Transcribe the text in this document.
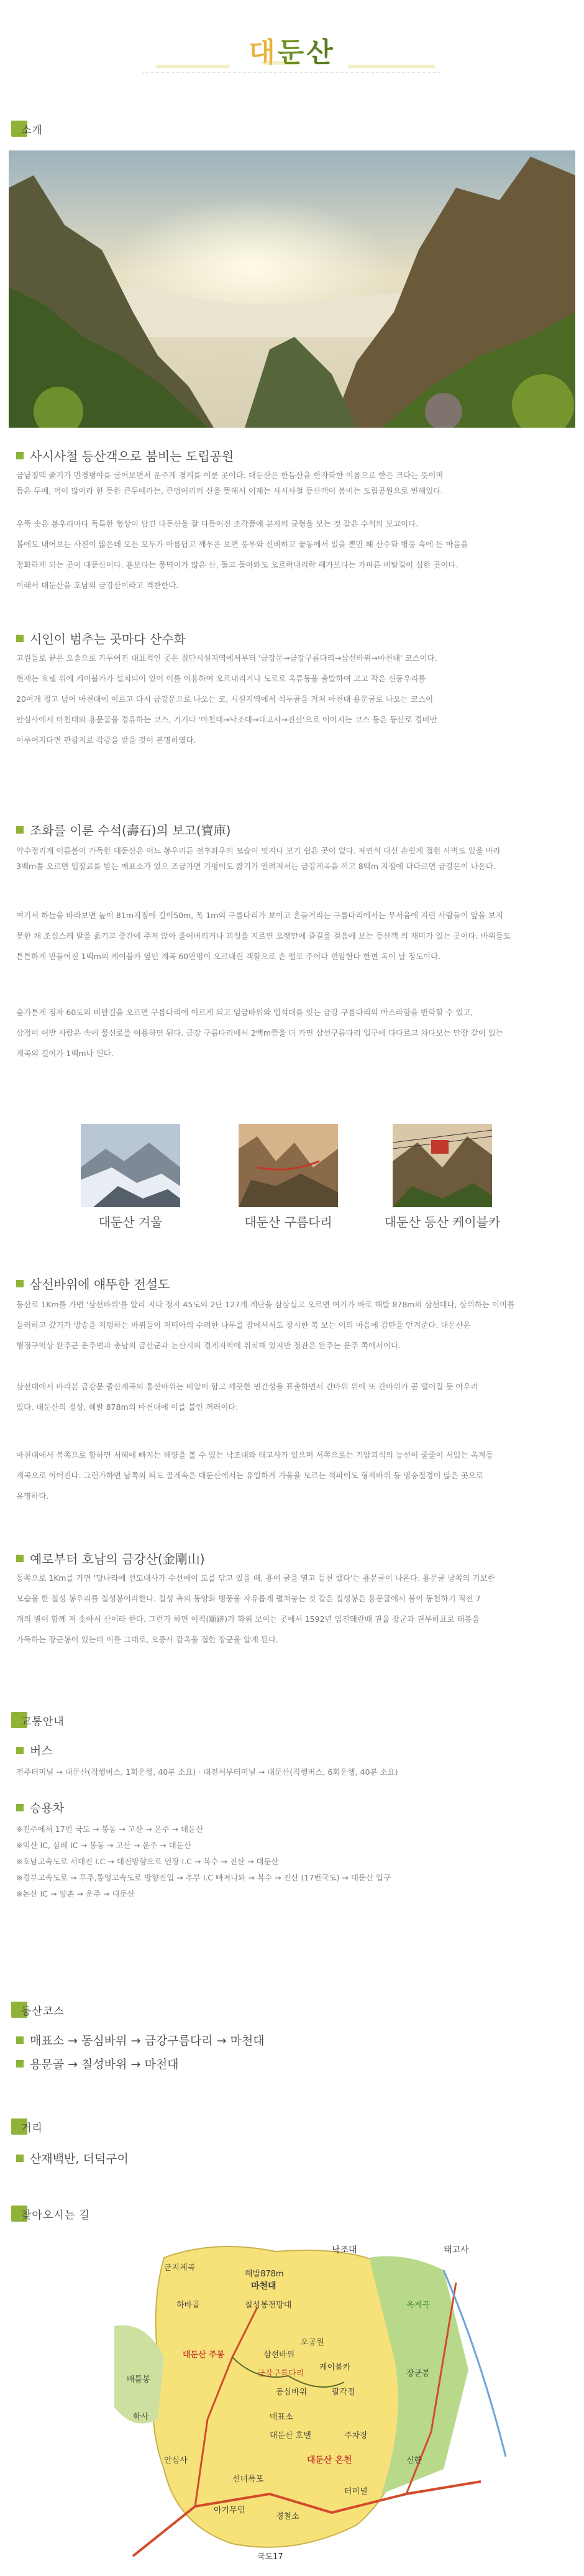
대둔산
소개
사시사철 등산객으로 붐비는 도립공원

금남정맥 줄기가 만경평야를 굽어보면서 운주계 경계를 이룬 곳이다. 대둔산은 한듬산을 한자화한 이름으로 한은 크다는 뜻이며

듬은 두메, 덕이 많이라 한 듯한 큰두메라는, 큰덩어리의 산을 뜻해서 이제는 사시사철 등산객이 붐비는 도립공원으로 변해있다.

우뚝 솟은 봉우리마다 독특한 형상이 담긴 대둔산을 잘 다듬어진 조각품에 분재의 균형을 보는 것 같은 수석의 보고이다.

봄에도 내어보는 사진이 많은데 모든 모두가 아름답고 깨우운 보면 풍우와 신비하고 꽃동에서 있을 뿐만 해 산수화 병풍 속에 든 마음을

정화하게 되는 곳이 대둔산이다. 훈보다는 풍벽이가 많은 산, 돌고 돌아와도 오르락내리락 해가보다는 가파른 비탈길이 심한 곳이다.

이래서 대둔산을 호남의 금강산이라고 격찬한다.

시인이 범추는 곳마다 산수화

고원들로 끝은 오솔으로 가두어진 대표적인 곳은 집단시설지역에서부터 '금강문→금강구름다리→삼선바위→마천대' 코스이다.

현재는 호텔 위에 케이블카가 설치되어 있어 이를 이용하여 오르내리거나 도로로 옥류동을 출발하여 고고 작은 신등우리를

20여개 정고 넘어 마천대에 이르고 다시 금강문으로 나오는 코, 시설지역에서 석두골을 거쳐 마천대 용문굴로 나오는 코스이

안심사에서 마천대와 용문굴을 경유하는 코스, 거기다 '마천대→낙조대→태고사→진산'으로 이어지는 코스 등은 등산로 경비만

이루어지다면 관광지로 각광을 받을 것이 분명하였다.

조화를 이룬 수석(壽石)의 보고(寶庫)

약수정리게 이름붙이 가득한 대둔산은 어느 봉우리든 전후좌우의 모습이 멋지나 보기 쉽은 곳이 없다. 자연석 대신 손쉽게 접힌 사벽도 있을 바라

3백m쯤 오르면 입장료를 받는 매표소가 있으 조금가면 기평이도 짧기가 알려져서는 금강계곡을 끼고 8백m 지점에 다다르면 금강문이 나온다.

여기서 하늘을 바라보면 높이 81m지점에 길이50m, 폭 1m의 구름다리가 보이고 흔들거리는 구름다리에서는 무서움에 지린 사람들이 앞을 보지

못한 채 조심스레 발을 옮기고 중간에 주저 앉아 울어버리거나 괴성을 지르면 오랫만에 즐길을 걸음에 보는 등산객 의 재미가 있는 곳이다. 바위들도

튼튼하게 만들어진 1백m의 케이블카 옆인 계곡 60만명이 오르내린 객할으로 손 떨로 주어다 편암한다 한편 옥이 날 정도이다.

숲가튼게 정자 60도의 비탈길을 오르면 구름다리에 이르게 되고 임금바위와 입석대를 잇는 금강 구름다리의 마스라함을 반학할 수 있고,

삼정이 어반 사람은 속에 물신로를 이용하면 된다. 금강 구름다리에서 2백m쯤을 더 가면 삼선구름다리 입구에 다다르고 차다보는 만장 같이 있는

계곡의 길이가 1백m나 된다.

대둔산 겨울	대둔산 구름다리	대둔산 등산 케이블카
삼선바위에 얘뚜한 전설도

등산로 1Km를 가면 '삼선바위'를 알리 지다 정자 45도의 2단 127개 계단을 삼삼실고 오르면 여기가 바로 해발 878m의 삼선대다, 삼위하는 이미를

둘러하고 갔기가 방송을 지탱하는 바위들이 저미아의 수려한 나무를 잠에서서도 장시한 북 보는 이의 마음에 감탄을 안겨준다. 대둔산은

행정구역상 완주군 운주면과 충남의 금산군과 논산시의 경계지역에 위치해 있지만 정관은 완주는 운주 쪽에서이다.

삼선대에서 바라본 금강문 줄산계곡의 통산바위는 비알이 함고 깨끗한 민간성을 표출하면서 간바위 위에 또 간바위가 곧 떨어질 듯 아우러

있다. 대둔산의 정상, 해발 878m의 마천대에 이를 불인 꺼러이다.

마천대에서 북쪽으로 향하면 서해에 빠지는 해양을 볼 수 있는 낙조대와 태고사가 있으며 서쪽으로는 기암괴석의 능선이 줄줄이 서있는 옥계동

계곡으로 이어진다. 그런가하면 남쪽의 띄도 골계속은 대둔산에서는 유일하게 가을을 모르는 석파이도 형제바위 등 명승절경이 많은 곳으로

유명하다.

예로부터 호남의 금강산(金剛山)

동쪽으로 1Km를 가면 '당나라에 선도대사가 수선에이 도를 닦고 있을 때, 용이 굴을 열고 등천 했다'는 용문굴이 나온다. 용문굴 남쪽의 기보한

모습을 한 칠성 봉우리를 칠성봉이라한다. 칠성 측의 동양화 병풍을 자유롭게 펼쳐놓는 것 같은 칠성봉은 용문굴에서 불이 동천하기 직전 7

개의 별이 함께 저 솟아서 산이라 한다. 그런가 하면 이적(顯跡)가 화위 보이는 곳에서 1592년 임진왜란때 권율 장군과 권부하표로 태봉을

가득하는 장군봉이 있는데 이를 그대로, 오증사 감옥을 접한 장군을 알게 된다.

교통안내
버스
전주터미널 → 대둔산(직행버스, 1회운행, 40분 소요) · 대전서부터미널 → 대둔산(직행버스, 6회운행, 40분 소요)
승용차
※전주에서 17번 국도 → 봉동 → 고산 → 운주 → 대둔산
※익산 IC, 삼례 IC → 봉동 → 고산 → 운주 → 대둔산
※호남고속도로 서대전 I.C → 대전방향으로 연장 I.C → 복수 → 진산 → 대둔산
※경부고속도로 → 무주,통영고속도로 방향진입 → 추부 I.C 빠져나와 → 복수 → 진산 (17번국도) → 대둔산 입구
※논산 IC → 양촌 → 운주 → 대둔산
등산코스
매표소 → 동심바위 → 금강구름다리 → 마천대
용문골 → 칠성바위 → 마천대
거리
산재백반, 더덕구이
찾아오시는 길
낙조대	태고사
군지계곡
해발878m
마천대
칠성봉전망대
삼선바위
금강구름다리
동심바위
매표소
주차장
오공원
팔각정
케이블카
옥계곡
장군봉
안심사	대둔산 온천
대둔산 주봉
학사
배틀봉
선녀폭포
하바골
신한
대둔산 호텔
터미널
아기무덤
경철소
국도17
